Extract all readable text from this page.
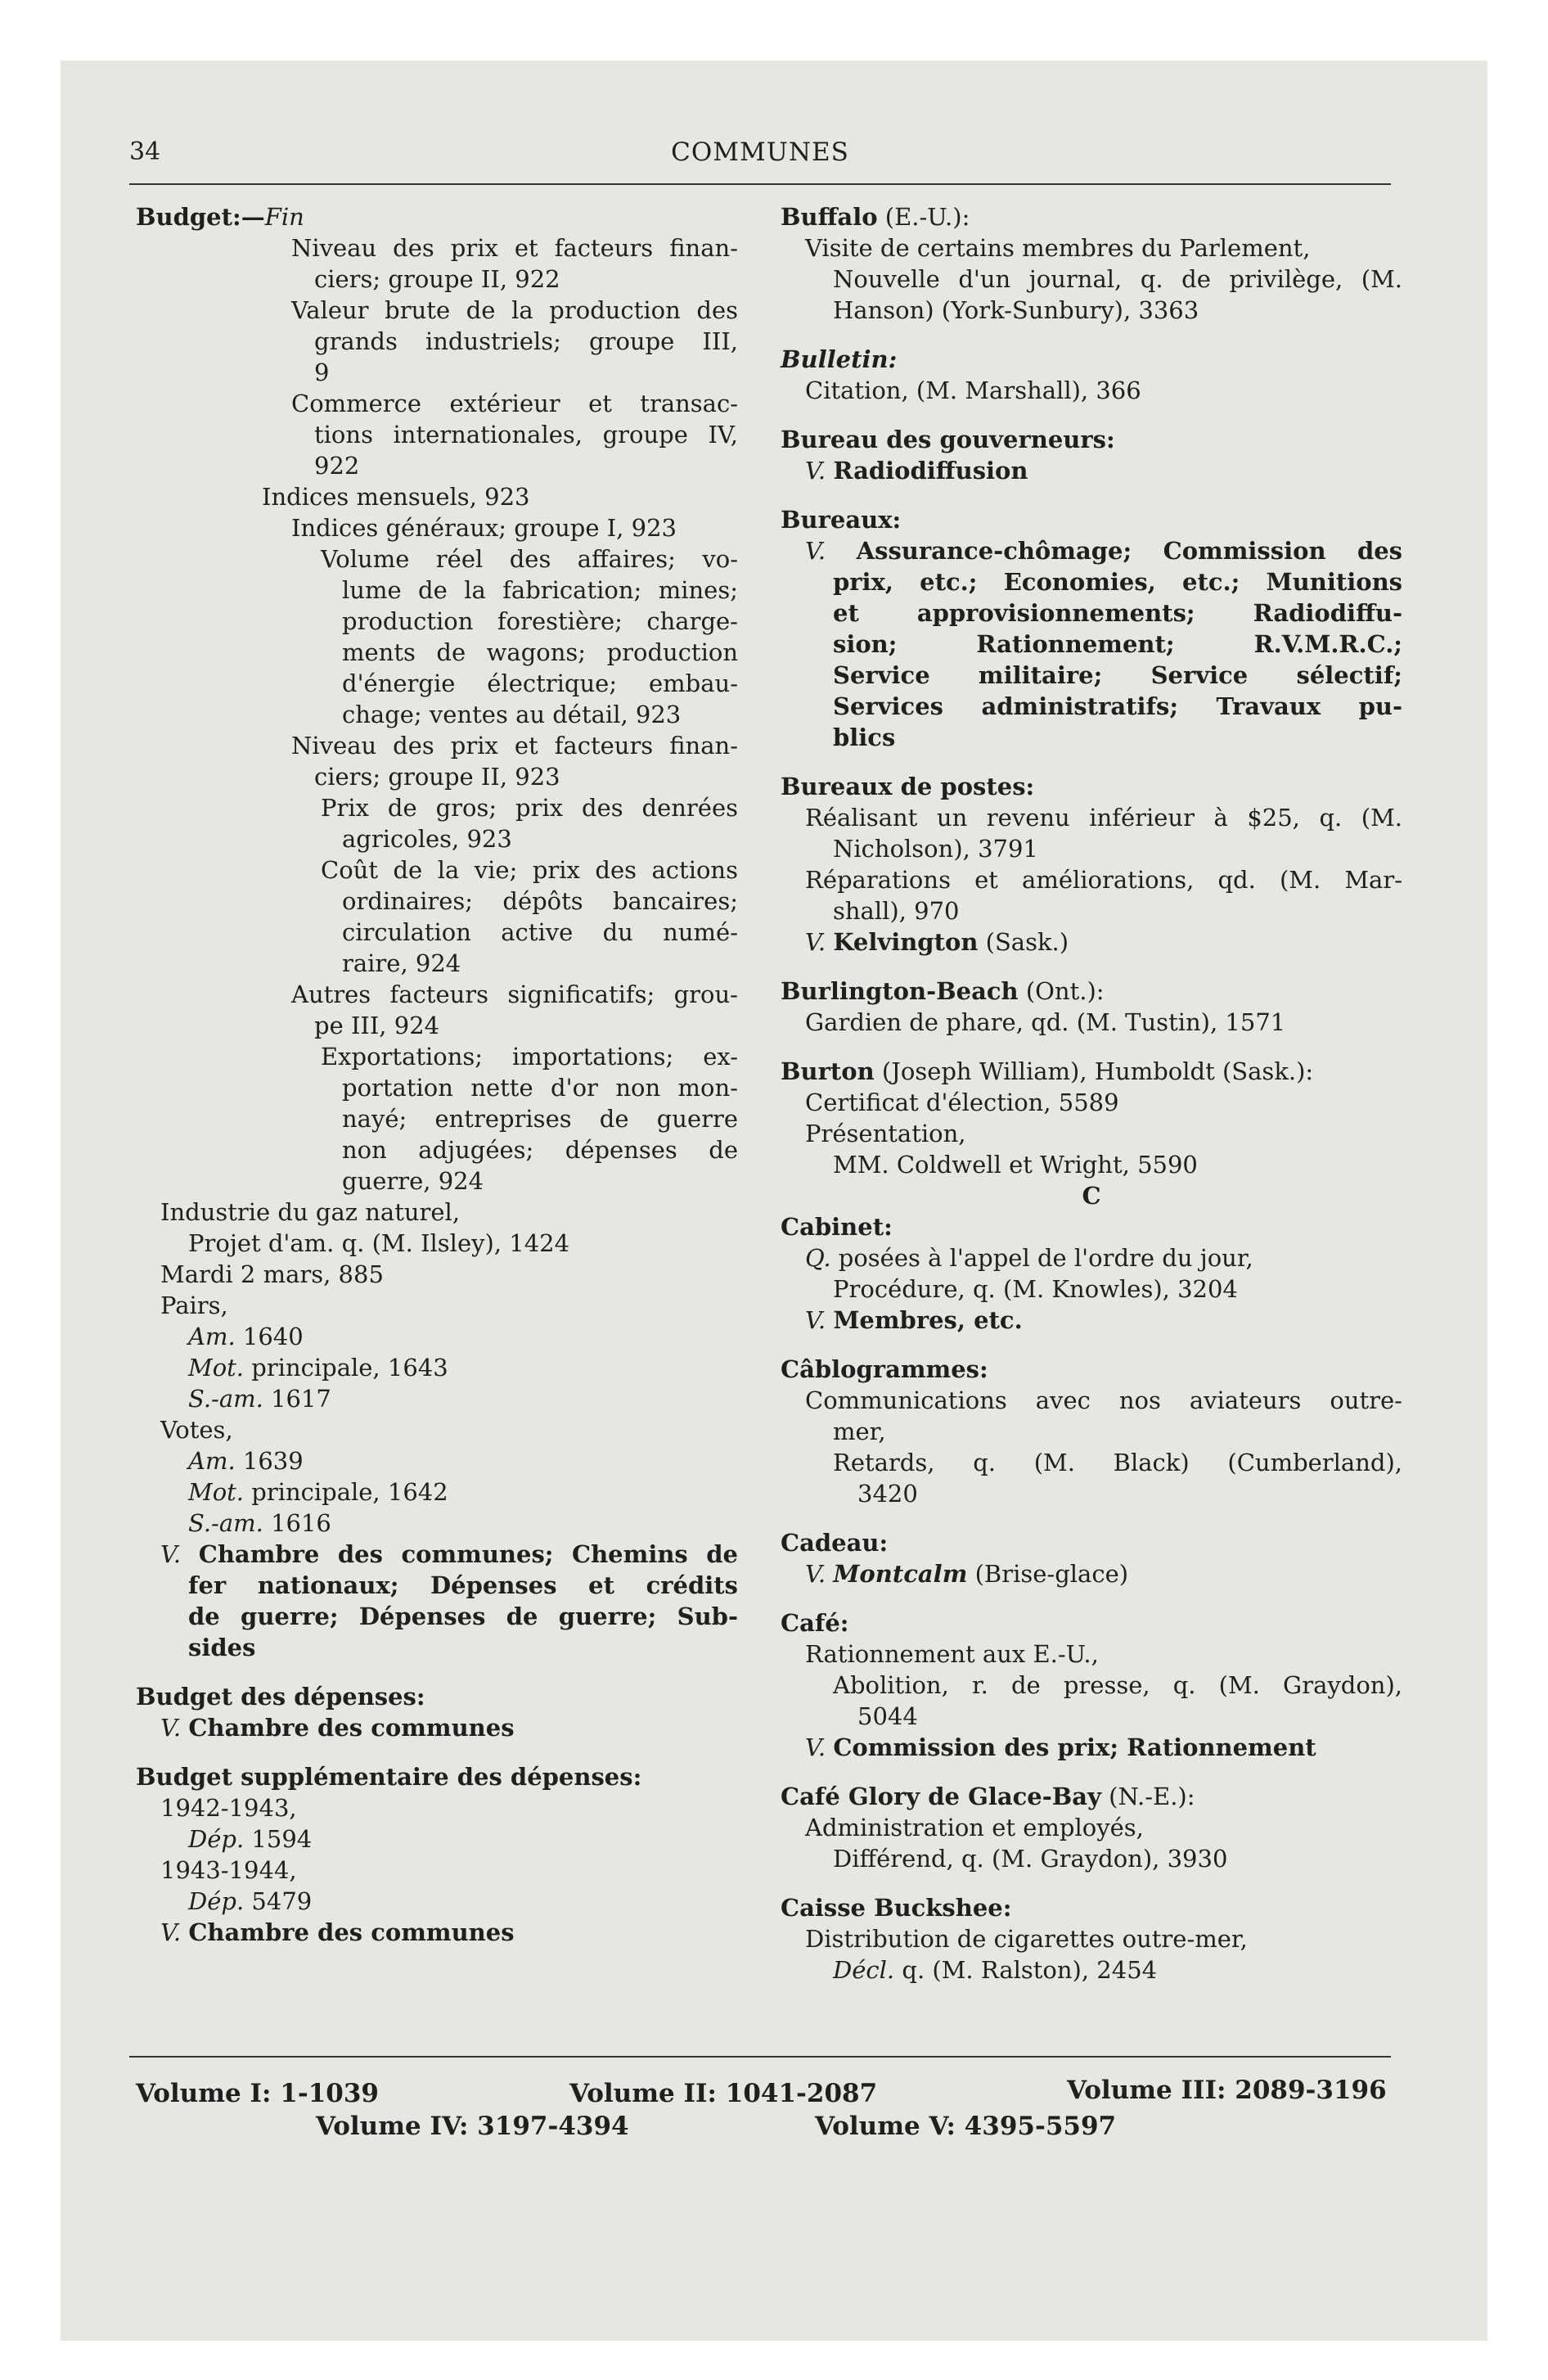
34	COMMUNES
Budget:—Fin
Niveau des prix et facteurs finan-
ciers; groupe II, 922
Valeur brute de la production des
grands industriels; groupe III,
9
Commerce extérieur et transac-
tions internationales, groupe IV,
922
Indices mensuels, 923
Indices généraux; groupe I, 923
Volume réel des affaires; vo-
lume de la fabrication; mines;
production forestière; charge-
ments de wagons; production
d'énergie électrique; embau-
chage; ventes au détail, 923
Niveau des prix et facteurs finan-
ciers; groupe II, 923
Prix de gros; prix des denrées
agricoles, 923
Coût de la vie; prix des actions
ordinaires; dépôts bancaires;
circulation active du numé-
raire, 924
Autres facteurs significatifs; grou-
pe III, 924
Exportations; importations; ex-
portation nette d'or non mon-
nayé; entreprises de guerre
non adjugées; dépenses de
guerre, 924
Industrie du gaz naturel,
Projet d'am. q. (M. Ilsley), 1424
Mardi 2 mars, 885
Pairs,
Am. 1640
Mot. principale, 1643
S.-am. 1617
Votes,
Am. 1639
Mot. principale, 1642
S.-am. 1616
V. Chambre des communes; Chemins de
fer nationaux; Dépenses et crédits
de guerre; Dépenses de guerre; Sub-
sides
Budget des dépenses:
V. Chambre des communes
Budget supplémentaire des dépenses:
1942-1943,
Dép. 1594
1943-1944,
Dép. 5479
V. Chambre des communes
Buffalo (E.-U.):
Visite de certains membres du Parlement,
Nouvelle d'un journal, q. de privilège, (M.
Hanson) (York-Sunbury), 3363
Bulletin:
Citation, (M. Marshall), 366
Bureau des gouverneurs:
V. Radiodiffusion
Bureaux:
V. Assurance-chômage; Commission des
prix, etc.; Economies, etc.; Munitions
et approvisionnements; Radiodiffu-
sion; Rationnement; R.V.M.R.C.;
Service militaire; Service sélectif;
Services administratifs; Travaux pu-
blics
Bureaux de postes:
Réalisant un revenu inférieur à $25, q. (M.
Nicholson), 3791
Réparations et améliorations, qd. (M. Mar-
shall), 970
V. Kelvington (Sask.)
Burlington-Beach (Ont.):
Gardien de phare, qd. (M. Tustin), 1571
Burton (Joseph William), Humboldt (Sask.):
Certificat d'élection, 5589
Présentation,
MM. Coldwell et Wright, 5590
C
Cabinet:
Q. posées à l'appel de l'ordre du jour,
Procédure, q. (M. Knowles), 3204
V. Membres, etc.
Câblogrammes:
Communications avec nos aviateurs outre-
mer,
Retards, q. (M. Black) (Cumberland),
3420
Cadeau:
V. Montcalm (Brise-glace)
Café:
Rationnement aux E.-U.,
Abolition, r. de presse, q. (M. Graydon),
5044
V. Commission des prix; Rationnement
Café Glory de Glace-Bay (N.-E.):
Administration et employés,
Différend, q. (M. Graydon), 3930
Caisse Buckshee:
Distribution de cigarettes outre-mer,
Décl. q. (M. Ralston), 2454
Volume I: 1-1039	Volume II: 1041-2087	Volume III: 2089-3196
Volume IV: 3197-4394	Volume V: 4395-5597
